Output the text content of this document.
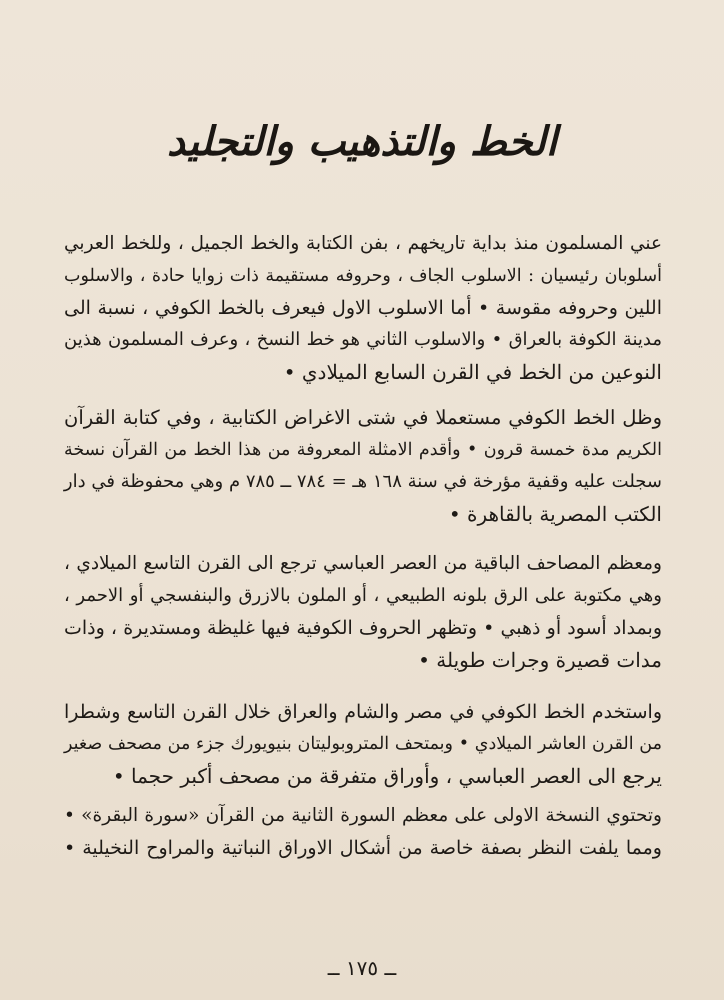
الخط والتذهيب والتجليد

عني المسلمون منذ بداية تاريخهم ، بفن الكتابة والخط الجميل ، وللخط العربي
أسلوبان رئيسيان : الاسلوب الجاف ، وحروفه مستقيمة ذات زوايا حادة ، والاسلوب
اللين وحروفه مقوسة • أما الاسلوب الاول فيعرف بالخط الكوفي ، نسبة الى
مدينة الكوفة بالعراق • والاسلوب الثاني هو خط النسخ ، وعرف المسلمون هذين
النوعين من الخط في القرن السابع الميلادي •

وظل الخط الكوفي مستعملا في شتى الاغراض الكتابية ، وفي كتابة القرآن
الكريم مدة خمسة قرون • وأقدم الامثلة المعروفة من هذا الخط من القرآن نسخة
سجلت عليه وقفية مؤرخة في سنة ١٦٨ هـ = ٧٨٤ ــ ٧٨٥ م وهي محفوظة في دار
الكتب المصرية بالقاهرة •

ومعظم المصاحف الباقية من العصر العباسي ترجع الى القرن التاسع الميلادي ،
وهي مكتوبة على الرق بلونه الطبيعي ، أو الملون بالازرق والبنفسجي أو الاحمر ،
وبمداد أسود أو ذهبي • وتظهر الحروف الكوفية فيها غليظة ومستديرة ، وذات
مدات قصيرة وجرات طويلة •

واستخدم الخط الكوفي في مصر والشام والعراق خلال القرن التاسع وشطرا
من القرن العاشر الميلادي • وبمتحف المتروبوليتان بنيويورك جزء من مصحف صغير
يرجع الى العصر العباسي ، وأوراق متفرقة من مصحف أكبر حجما •

وتحتوي النسخة الاولى على معظم السورة الثانية من القرآن «سورة البقرة» •
ومما يلفت النظر بصفة خاصة من أشكال الاوراق النباتية والمراوح النخيلية •

ــ ١٧٥ ــ
